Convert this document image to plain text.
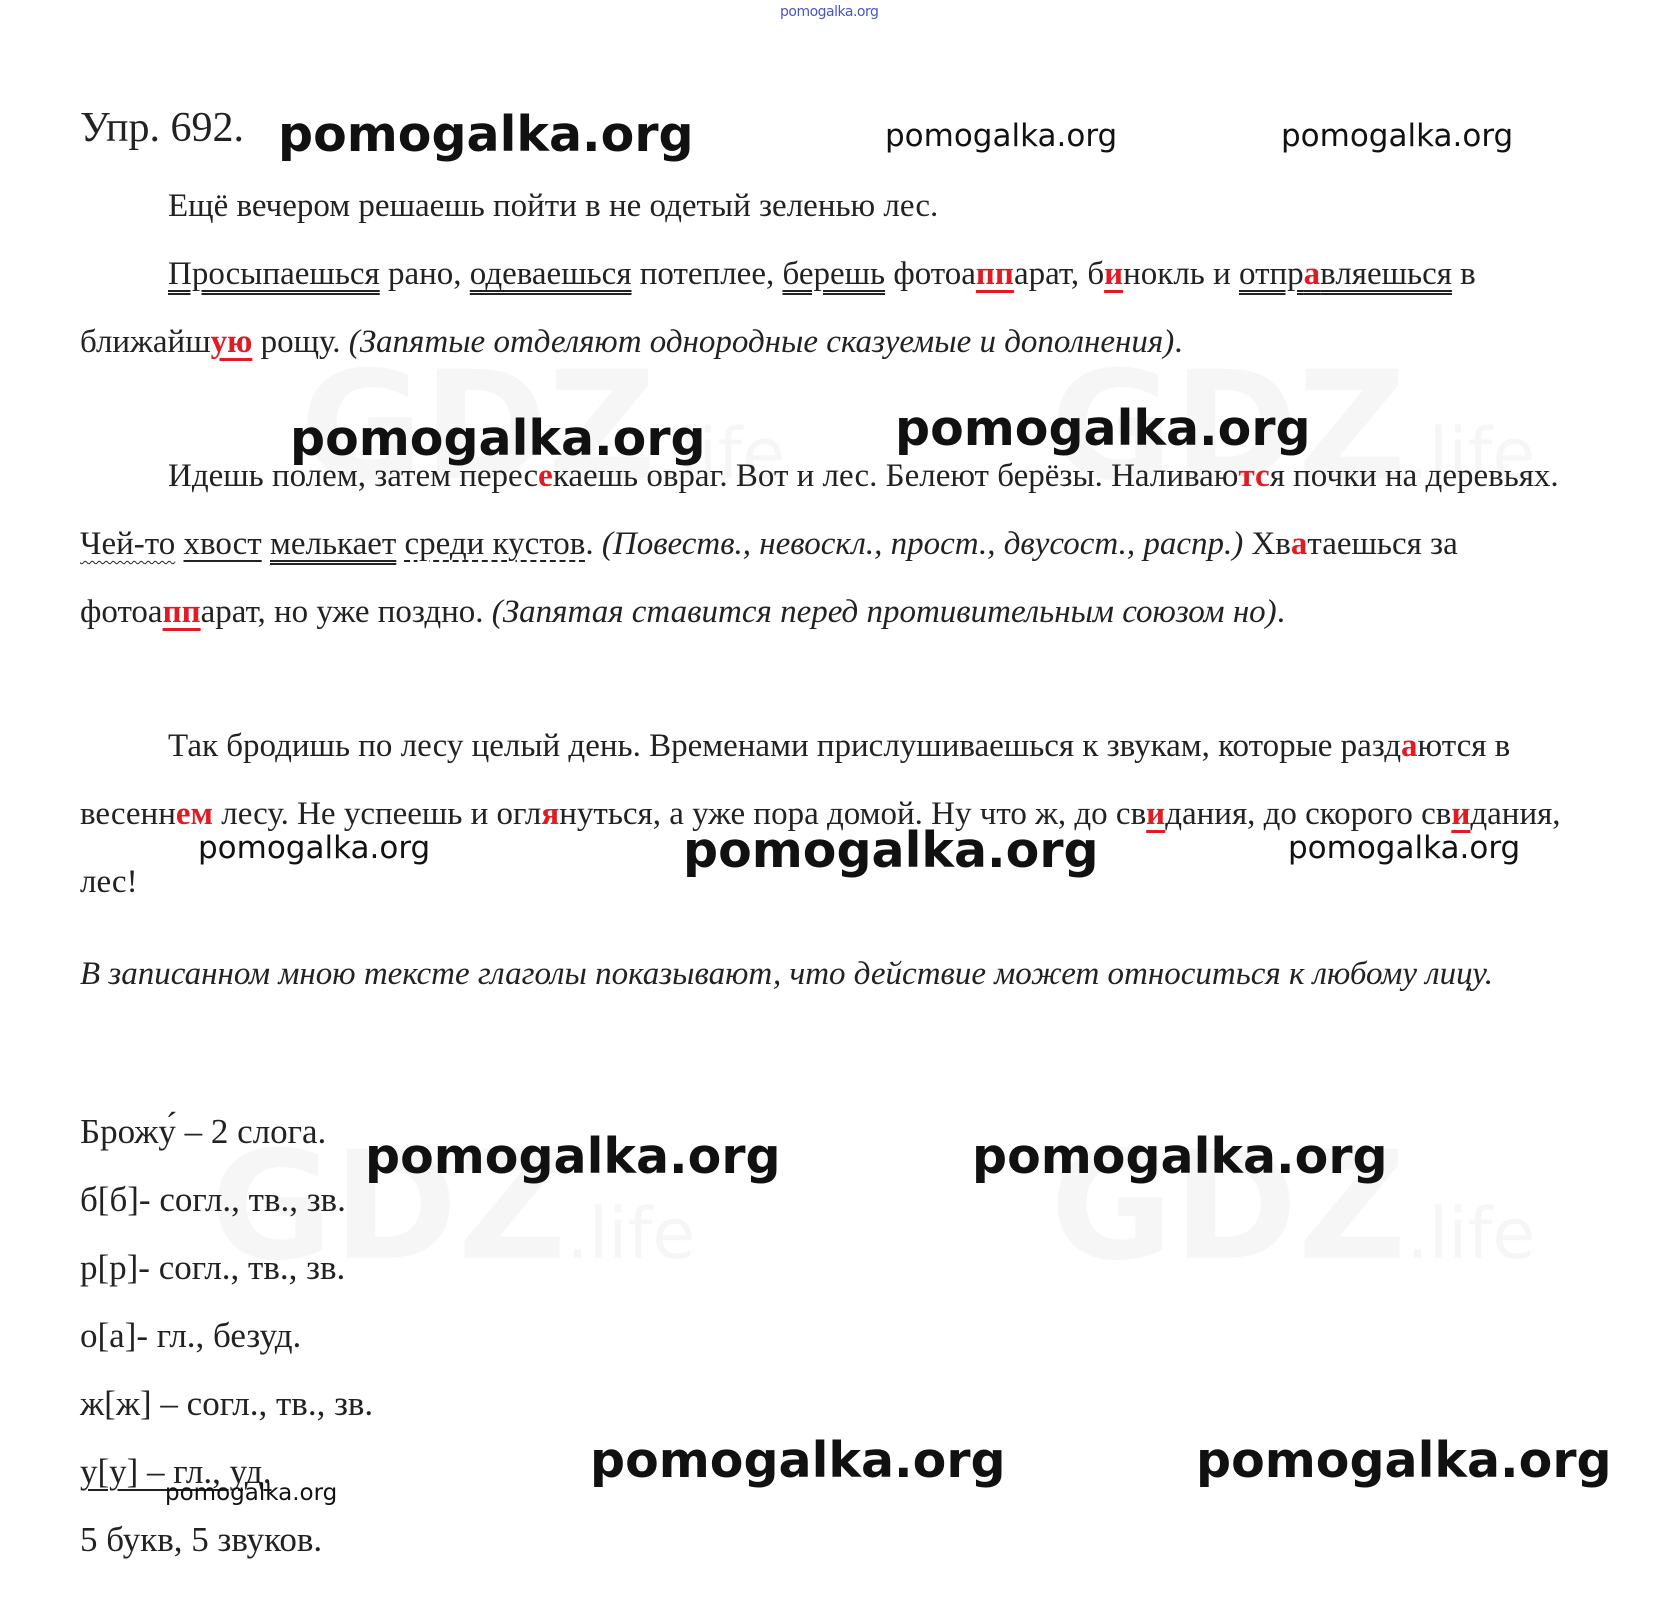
pomogalka.org
Упр. 692.

Ещё вечером решаешь пойти в не одетый зеленью лес.

Просыпаешься рано, одеваешься потеплее, берешь фотоаппарат, бинокль и отправляешься в ближайшую рощу. (Запятые отделяют однородные сказуемые и дополнения).

Идешь полем, затем пересекаешь овраг. Вот и лес. Белеют берёзы. Наливаются почки на деревьях. Чей-то хвост мелькает среди кустов. (Повеств., невоскл., прост., двусост., распр.) Хватаешься за фотоаппарат, но уже поздно. (Запятая ставится перед противительным союзом но).

Так бродишь по лесу целый день. Временами прислушиваешься к звукам, которые раздаются в весеннем лесу. Не успеешь и оглянуться, а уже пора домой. Ну что ж, до свидания, до скорого свидания, лес!

В записанном мною тексте глаголы показывают, что действие может относиться к любому лицу.

Брожу́ – 2 слога.
б[б]- согл., тв., зв.
р[р]- согл., тв., зв.
о[а]- гл., безуд.
ж[ж] – согл., тв., зв.
у[у] – гл., уд.
5 букв, 5 звуков.
pomogalka.org	pomogalka.org	pomogalka.org
pomogalka.org	pomogalka.org
pomogalka.org	pomogalka.org	pomogalka.org
pomogalka.org	pomogalka.org
pomogalka.org	pomogalka.org
pomogalka.org
